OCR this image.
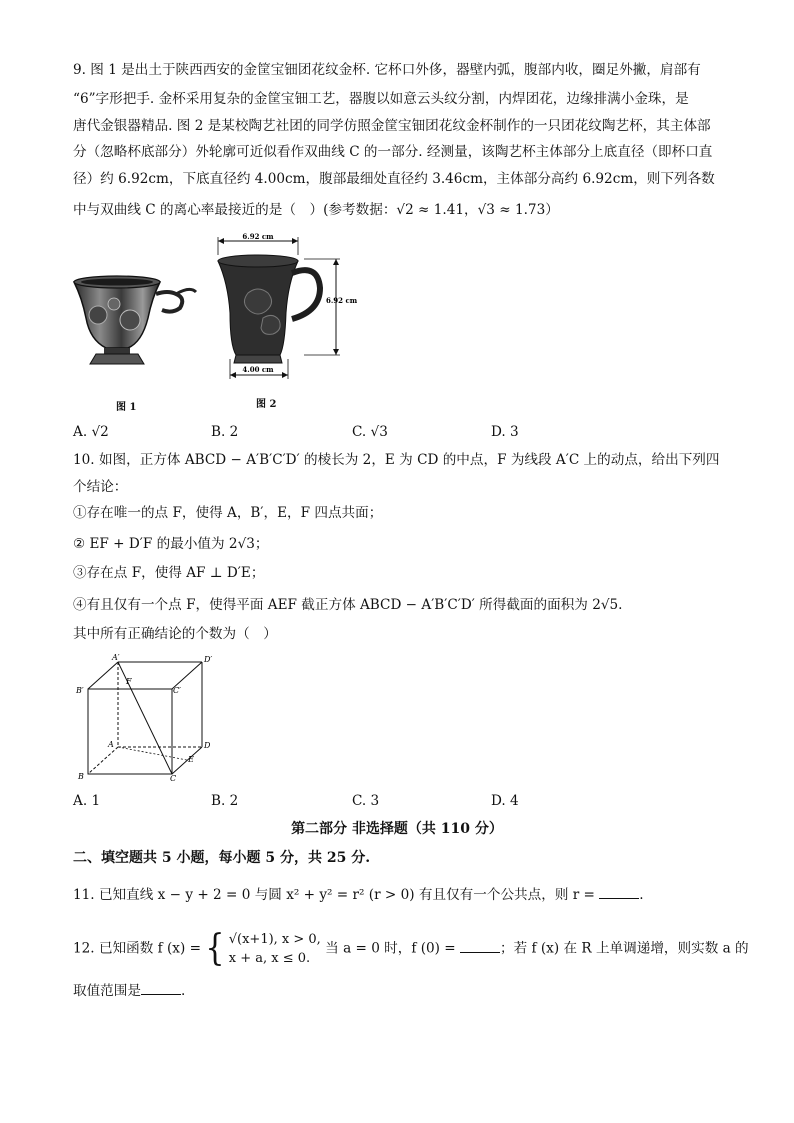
9. 图 1 是出土于陕西西安的金筐宝钿团花纹金杯. 它杯口外侈，器壁内弧，腹部内收，圈足外撇，肩部有
“6”字形把手. 金杯采用复杂的金筐宝钿工艺，器腹以如意云头纹分割，内焊团花，边缘排满小金珠，是
唐代金银器精品. 图 2 是某校陶艺社团的同学仿照金筐宝钿团花纹金杯制作的一只团花纹陶艺杯，其主体部
分（忽略杯底部分）外轮廓可近似看作双曲线 C 的一部分. 经测量，该陶艺杯主体部分上底直径（即杯口直
径）约 6.92cm，下底直径约 4.00cm，腹部最细处直径约 3.46cm，主体部分高约 6.92cm，则下列各数
中与双曲线 C 的离心率最接近的是（　）(参考数据：√2 ≈ 1.41，√3 ≈ 1.73）
图 1
6.92 cm
6.92 cm
4.00 cm
图 2
A. √2	B. 2	C. √3	D. 3
10. 如图，正方体 ABCD − A′B′C′D′ 的棱长为 2，E 为 CD 的中点，F 为线段 A′C 上的动点，给出下列四
个结论：
①存在唯一的点 F，使得 A，B′，E，F 四点共面；
② EF + D′F 的最小值为 2√3；
③存在点 F，使得 AF ⊥ D′E；
④有且仅有一个点 F，使得平面 AEF 截正方体 ABCD − A′B′C′D′ 所得截面的面积为 2√5.
其中所有正确结论的个数为（　）
A′	D′
B′	C′
F
A	D
E
B	C
A. 1	B. 2	C. 3	D. 4
第二部分 非选择题（共 110 分）
二、填空题共 5 小题，每小题 5 分，共 25 分.
11. 已知直线 x − y + 2 = 0 与圆 x² + y² = r² (r > 0) 有且仅有一个公共点，则 r =	.
12. 已知函数 f (x) = { √(x+1), x > 0,
x + a, x ≤ 0.
当 a = 0 时，f (0) =	；若 f (x) 在 R 上单调递增，则实数 a 的
取值范围是	.
